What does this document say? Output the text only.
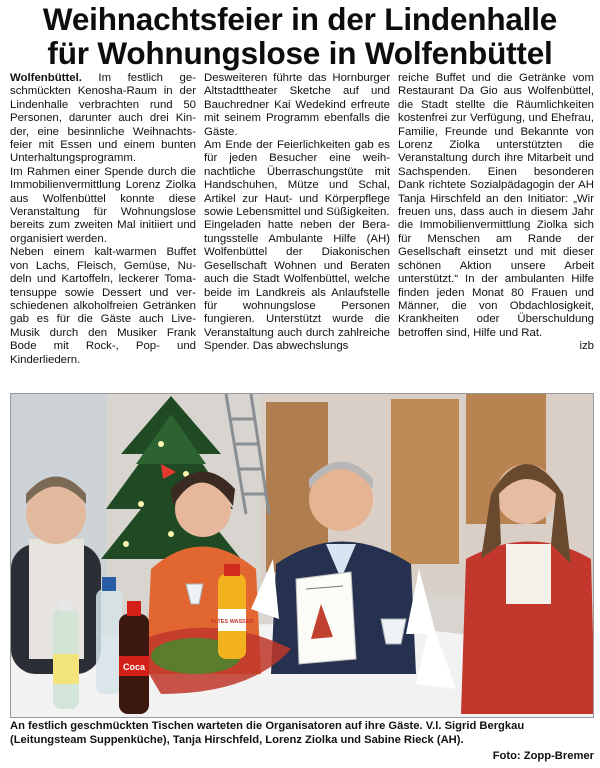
Weihnachtsfeier in der Lindenhalle
für Wohnungslose in Wolfenbüttel

Wolfenbüttel. Im festlich geschmückten Kenosha-Raum in der Lindenhalle verbrachten rund 50 Personen, darunter auch drei Kinder, eine besinnliche Weihnachtsfeier mit Essen und einem bunten Unterhaltungsprogramm.

Im Rahmen einer Spende durch die Immobilienvermittlung Lorenz Ziolka aus Wolfenbüttel konnte diese Veranstaltung für Wohnungslose bereits zum zweiten Mal initiiert und organisiert werden.

Neben einem kalt-warmen Buffet von Lachs, Fleisch, Gemüse, Nudeln und Kartoffeln, leckerer Tomatensuppe sowie Dessert und verschiedenen alkoholfreien Getränken gab es für die Gäste auch Live-Musik durch den Musiker Frank Bode mit Rock-, Pop- und Kinderliedern.

Desweiteren führte das Hornburger Altstadttheater Sketche auf und Bauchredner Kai Wedekind erfreute mit seinem Programm ebenfalls die Gäste.

Am Ende der Feierlichkeiten gab es für jeden Besucher eine weihnachtliche Überraschungstüte mit Handschuhen, Mütze und Schal, Artikel zur Haut- und Körperpflege sowie Lebensmittel und Süßigkeiten.

Eingeladen hatte neben der Beratungsstelle Ambulante Hilfe (AH) Wolfenbüttel der Diakonischen Gesellschaft Wohnen und Beraten auch die Stadt Wolfenbüttel, welche beide im Landkreis als Anlaufstelle für wohnungslose Personen fungieren. Unterstützt wurde die Veranstaltung auch durch zahlreiche Spender. Das abwechslungs

reiche Buffet und die Getränke vom Restaurant Da Gio aus Wolfenbüttel, die Stadt stellte die Räumlichkeiten kostenfrei zur Verfügung, und Ehefrau, Familie, Freunde und Bekannte von Lorenz Ziolka unterstützten die Veranstaltung durch ihre Mitarbeit und Sachspenden. Einen besonderen Dank richtete Sozialpädagogin der AH Tanja Hirschfeld an den Initiator: „Wir freuen uns, dass auch in diesem Jahr die Immobilienvermittlung Ziolka sich für Menschen am Rande der Gesellschaft einsetzt und mit dieser schönen Aktion unsere Arbeit unterstützt.“ In der ambulanten Hilfe finden jeden Monat 80 Frauen und Männer, die von Obdachlosigkeit, Krankheiten oder Überschuldung betroffen sind, Hilfe und Rat.
izb

Coca
ALTES WASSER
An festlich geschmückten Tischen warteten die Organisatoren auf ihre Gäste. V.l. Sigrid Bergkau (Leitungsteam Suppenküche), Tanja Hirschfeld, Lorenz Ziolka und Sabine Rieck (AH).
Foto: Zopp-Bremer
